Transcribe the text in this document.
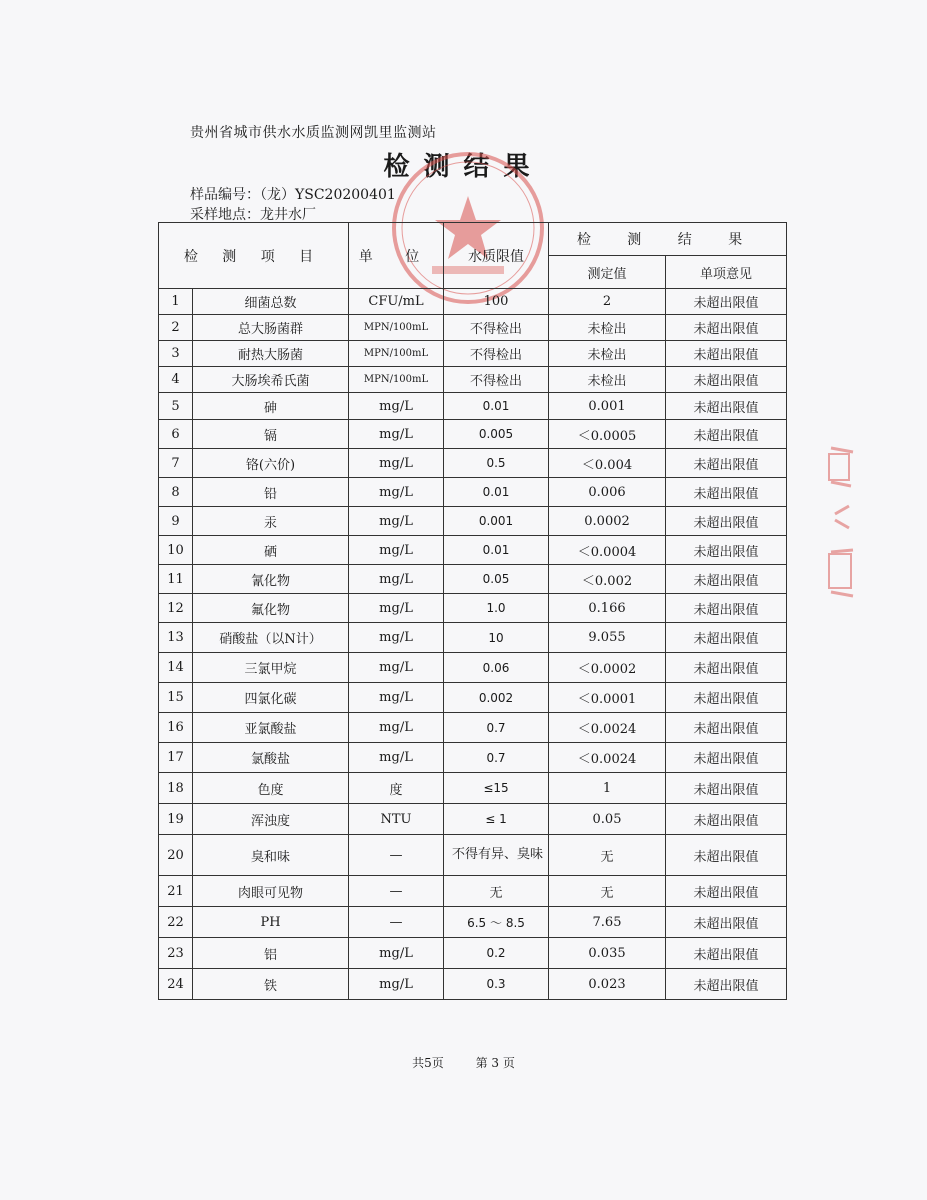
贵州省城市供水水质监测网凯里监测站
检测结果
样品编号：（龙）YSC20200401
采样地点：龙井水厂
检 测 项 目		单 位	水质限值	检 测 结 果	
				测定值	单项意见
1	细菌总数	CFU/mL	100	2	未超出限值
2	总大肠菌群	MPN/100mL	不得检出	未检出	未超出限值
3	耐热大肠菌	MPN/100mL	不得检出	未检出	未超出限值
4	大肠埃希氏菌	MPN/100mL	不得检出	未检出	未超出限值
5	砷	mg/L	0.01	0.001	未超出限值
6	镉	mg/L	0.005	＜0.0005	未超出限值
7	铬(六价)	mg/L	0.5	＜0.004	未超出限值
8	铅	mg/L	0.01	0.006	未超出限值
9	汞	mg/L	0.001	0.0002	未超出限值
10	硒	mg/L	0.01	＜0.0004	未超出限值
11	氰化物	mg/L	0.05	＜0.002	未超出限值
12	氟化物	mg/L	1.0	0.166	未超出限值
13	硝酸盐（以N计）	mg/L	10	9.055	未超出限值
14	三氯甲烷	mg/L	0.06	＜0.0002	未超出限值
15	四氯化碳	mg/L	0.002	＜0.0001	未超出限值
16	亚氯酸盐	mg/L	0.7	＜0.0024	未超出限值
17	氯酸盐	mg/L	0.7	＜0.0024	未超出限值
18	色度	度	≤15	1	未超出限值
19	浑浊度	NTU	≤ 1	0.05	未超出限值
20	臭和味	—	不得有异、臭味	无	未超出限值
21	肉眼可见物	—	无	无	未超出限值
22	PH	—	6.5 ～ 8.5	7.65	未超出限值
23	铝	mg/L	0.2	0.035	未超出限值
24	铁	mg/L	0.3	0.023	未超出限值
共5页	第 3 页
